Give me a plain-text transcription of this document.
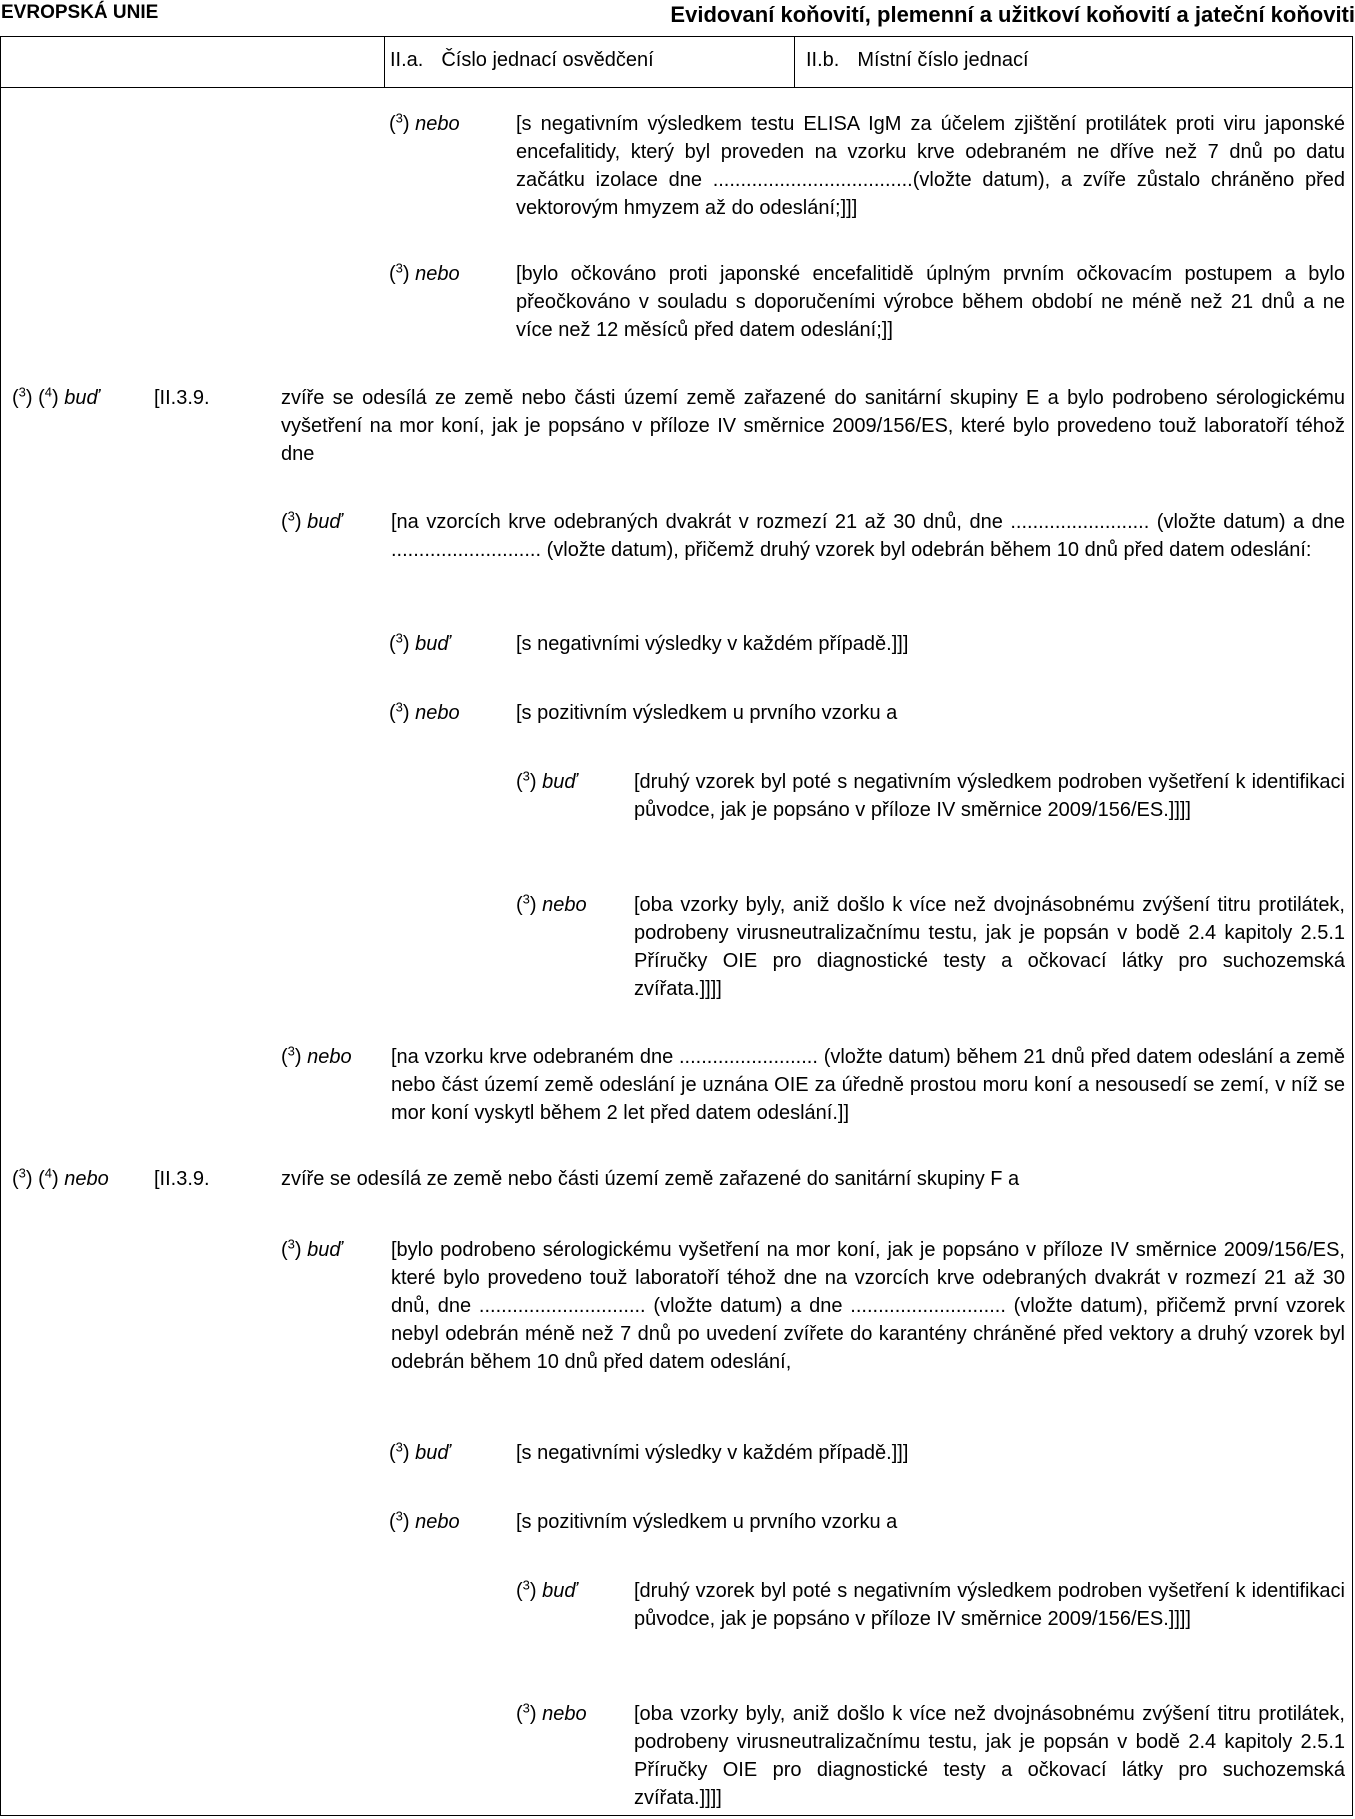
EVROPSKÁ UNIE	Evidovaní koňovití, plemenní a užitkoví koňovití a jateční koňoviti
II.a. Číslo jednací osvědčení	II.b. Místní číslo jednací
($^3$) nebo	[s negativním výsledkem testu ELISA IgM za účelem zjištění protilátek proti viru japonské encefalitidy, který byl proveden na vzorku krve odebraném ne dříve než 7 dnů po datu začátku izolace dne ....................................(vložte datum), a zvíře zůstalo chráněno před vektorovým hmyzem až do odeslání;]]]
($^3$) nebo	[bylo očkováno proti japonské encefalitidě úplným prvním očkovacím postupem a bylo přeočkováno v souladu s doporučeními výrobce během období ne méně než 21 dnů a ne více než 12 měsíců před datem odeslání;]]
($^3$) ($^4$) buď	[II.3.9.	zvíře se odesílá ze země nebo části území země zařazené do sanitární skupiny E a bylo podrobeno sérologickému vyšetření na mor koní, jak je popsáno v příloze IV směrnice 2009/156/ES, které bylo provedeno touž laboratoří téhož dne
($^3$) buď [na vzorcích krve odebraných dvakrát v rozmezí 21 až 30 dnů, dne ......................... (vložte datum) a dne ........................... (vložte datum), přičemž druhý vzorek byl odebrán během 10 dnů před datem odeslání:
($^3$) buď	[s negativními výsledky v každém případě.]]]
($^3$) nebo	[s pozitivním výsledkem u prvního vzorku a
($^3$) buď	[druhý vzorek byl poté s negativním výsledkem podroben vyšetření k identifikaci původce, jak je popsáno v příloze IV směrnice 2009/156/ES.]]]]
($^3$) nebo [oba vzorky byly, aniž došlo k více než dvojnásobnému zvýšení titru protilátek, podrobeny virusneutralizačnímu testu, jak je popsán v bodě 2.4 kapitoly 2.5.1 Příručky OIE pro diagnostické testy a očkovací látky pro suchozemská zvířata.]]]]
($^3$) nebo [na vzorku krve odebraném dne ......................... (vložte datum) během 21 dnů před datem odeslání a země nebo část území země odeslání je uznána OIE za úředně prostou moru koní a nesousedí se zemí, v níž se mor koní vyskytl během 2 let před datem odeslání.]]
($^3$) ($^4$) nebo [II.3.9.	zvíře se odesílá ze země nebo části území země zařazené do sanitární skupiny F a
($^3$) buď [bylo podrobeno sérologickému vyšetření na mor koní, jak je popsáno v příloze IV směrnice 2009/156/ES, které bylo provedeno touž laboratoří téhož dne na vzorcích krve odebraných dvakrát v rozmezí 21 až 30 dnů, dne .............................. (vložte datum) a dne ............................ (vložte datum), přičemž první vzorek nebyl odebrán méně než 7 dnů po uvedení zvířete do karantény chráněné před vektory a druhý vzorek byl odebrán během 10 dnů před datem odeslání,
($^3$) buď	[s negativními výsledky v každém případě.]]]
($^3$) nebo	[s pozitivním výsledkem u prvního vzorku a
($^3$) buď	[druhý vzorek byl poté s negativním výsledkem podroben vyšetření k identifikaci původce, jak je popsáno v příloze IV směrnice 2009/156/ES.]]]]
($^3$) nebo [oba vzorky byly, aniž došlo k více než dvojnásobnému zvýšení titru protilátek, podrobeny virusneutralizačnímu testu, jak je popsán v bodě 2.4 kapitoly 2.5.1 Příručky OIE pro diagnostické testy a očkovací látky pro suchozemská zvířata.]]]]
